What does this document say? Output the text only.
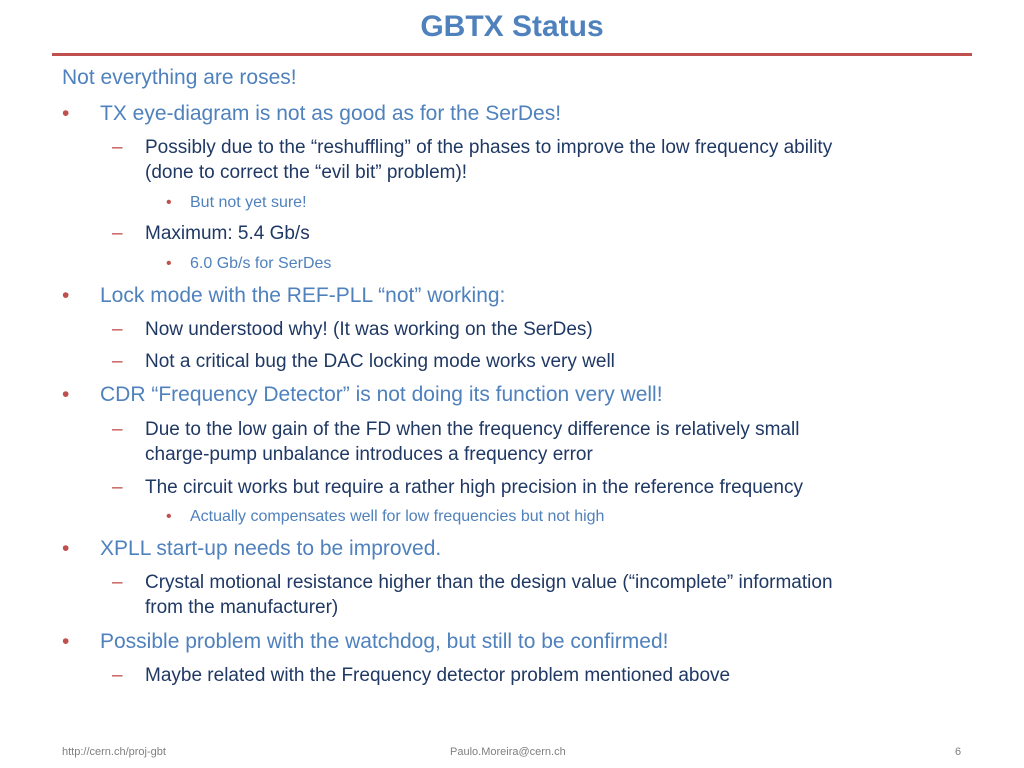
GBTX Status
Not everything are roses!
• TX eye-diagram is not as good as for the SerDes!
– Possibly due to the “reshuffling” of the phases to improve the low frequency ability
(done to correct the “evil bit” problem)!
• But not yet sure!
– Maximum: 5.4 Gb/s
• 6.0 Gb/s for SerDes
• Lock mode with the REF-PLL “not” working:
– Now understood why! (It was working on the SerDes)
– Not a critical bug the DAC locking mode works very well
• CDR “Frequency Detector” is not doing its function very well!
– Due to the low gain of the FD when the frequency difference is relatively small
charge-pump unbalance introduces a frequency error
– The circuit works but require a rather high precision in the reference frequency
• Actually compensates well for low frequencies but not high
• XPLL start-up needs to be improved.
– Crystal motional resistance higher than the design value (“incomplete” information
from the manufacturer)
• Possible problem with the watchdog, but still to be confirmed!
– Maybe related with the Frequency detector problem mentioned above
http://cern.ch/proj-gbt	Paulo.Moreira@cern.ch	6
